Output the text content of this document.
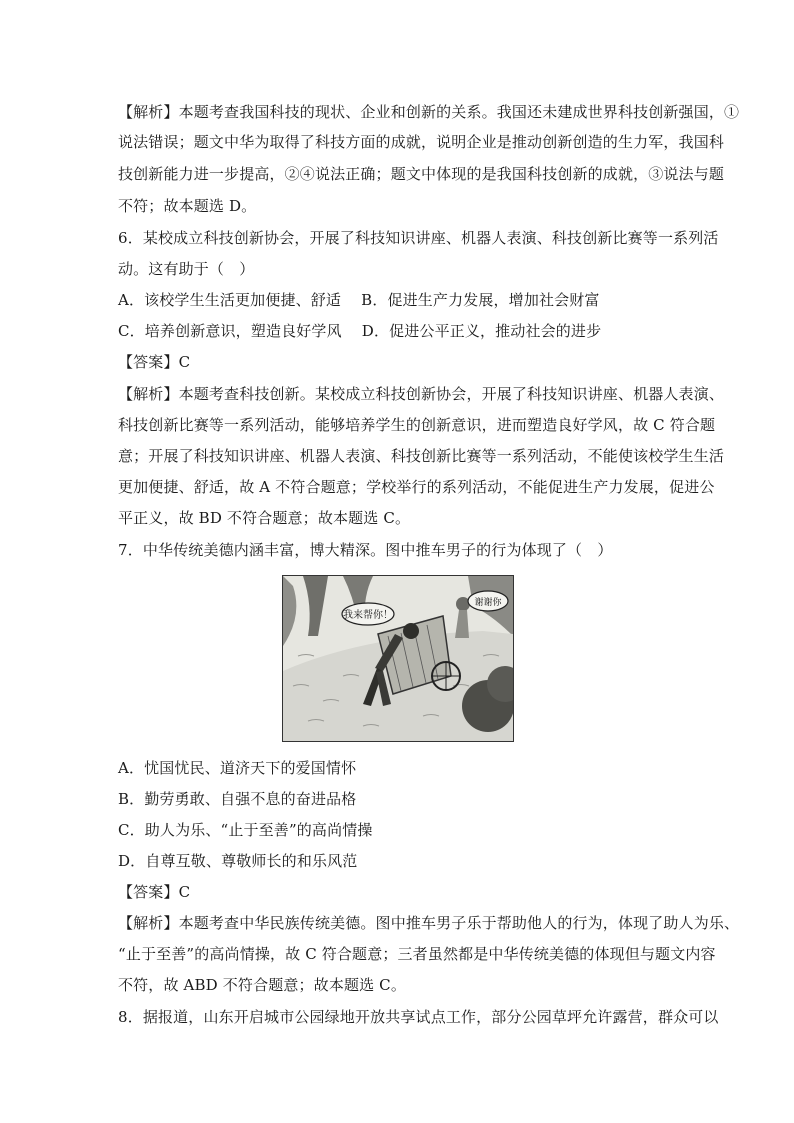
【解析】本题考查我国科技的现状、企业和创新的关系。我国还未建成世界科技创新强国，①
说法错误；题文中华为取得了科技方面的成就，说明企业是推动创新创造的生力军，我国科
技创新能力进一步提高，②④说法正确；题文中体现的是我国科技创新的成就，③说法与题
不符；故本题选 D。
6．某校成立科技创新协会，开展了科技知识讲座、机器人表演、科技创新比赛等一系列活
动。这有助于（　）
A．该校学生生活更加便捷、舒适　 B．促进生产力发展，增加社会财富
C．培养创新意识，塑造良好学风　 D．促进公平正义，推动社会的进步
【答案】C
【解析】本题考查科技创新。某校成立科技创新协会，开展了科技知识讲座、机器人表演、
科技创新比赛等一系列活动，能够培养学生的创新意识，进而塑造良好学风，故 C 符合题
意；开展了科技知识讲座、机器人表演、科技创新比赛等一系列活动，不能使该校学生生活
更加便捷、舒适，故 A 不符合题意；学校举行的系列活动，不能促进生产力发展，促进公
平正义，故 BD 不符合题意；故本题选 C。
7．中华传统美德内涵丰富，博大精深。图中推车男子的行为体现了（　）
我来帮你！
谢谢你
A．忧国忧民、道济天下的爱国情怀
B．勤劳勇敢、自强不息的奋进品格
C．助人为乐、“止于至善”的高尚情操
D．自尊互敬、尊敬师长的和乐风范
【答案】C
【解析】本题考查中华民族传统美德。图中推车男子乐于帮助他人的行为，体现了助人为乐、
“止于至善”的高尚情操，故 C 符合题意；三者虽然都是中华传统美德的体现但与题文内容
不符，故 ABD 不符合题意；故本题选 C。
8．据报道，山东开启城市公园绿地开放共享试点工作，部分公园草坪允许露营，群众可以
